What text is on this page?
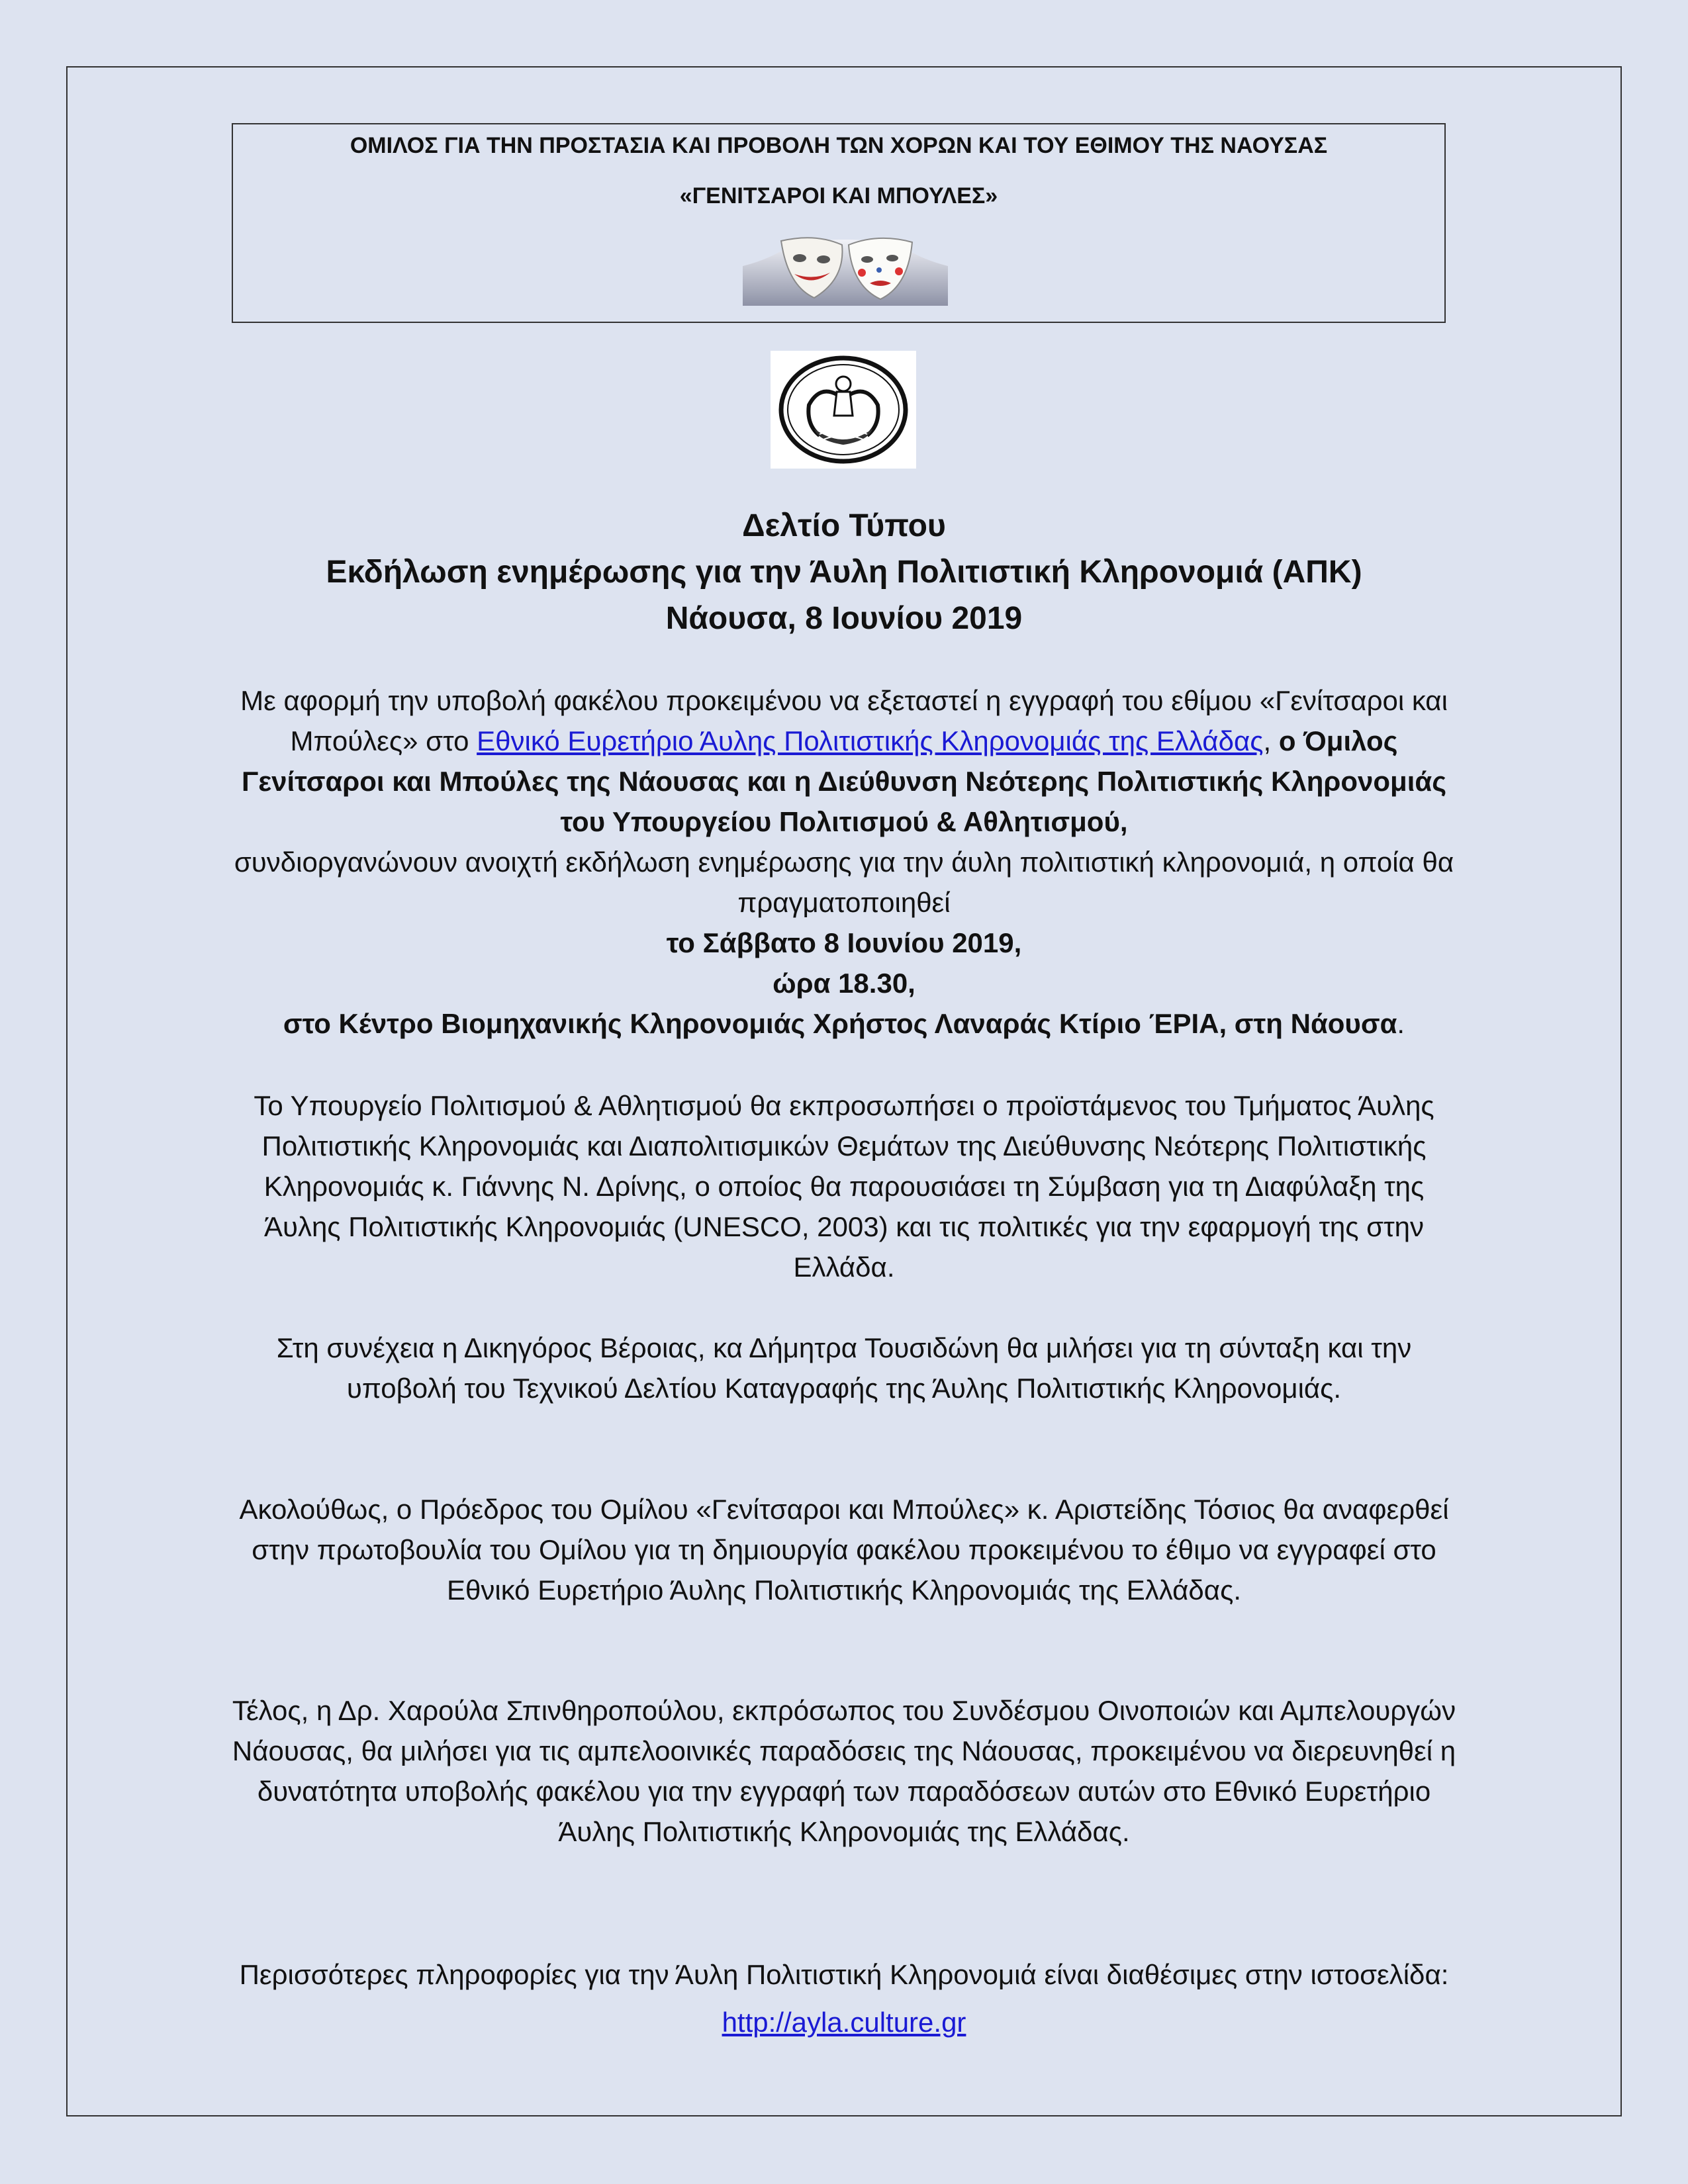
ΟΜΙΛΟΣ ΓΙΑ ΤΗΝ ΠΡΟΣΤΑΣΙΑ ΚΑΙ ΠΡΟΒΟΛΗ ΤΩΝ ΧΟΡΩΝ ΚΑΙ ΤΟΥ ΕΘΙΜΟΥ ΤΗΣ ΝΑΟΥΣΑΣ
«ΓΕΝΙΤΣΑΡΟΙ ΚΑΙ ΜΠΟΥΛΕΣ»
Δελτίο Τύπου
Εκδήλωση ενημέρωσης για την Άυλη Πολιτιστική Κληρονομιά (ΑΠΚ)
Νάουσα, 8 Ιουνίου 2019

Με αφορμή την υποβολή φακέλου προκειμένου να εξεταστεί η εγγραφή του εθίμου «Γενίτσαροι και Μπούλες» στο Εθνικό Ευρετήριο Άυλης Πολιτιστικής Κληρονομιάς της Ελλάδας, ο Όμιλος Γενίτσαροι και Μπούλες της Νάουσας και η Διεύθυνση Νεότερης Πολιτιστικής Κληρονομιάς του Υπουργείου Πολιτισμού & Αθλητισμού,
συνδιοργανώνουν ανοιχτή εκδήλωση ενημέρωσης για την άυλη πολιτιστική κληρονομιά, η οποία θα πραγματοποιηθεί
το Σάββατο 8 Ιουνίου 2019,
ώρα 18.30,
στο Κέντρο Βιομηχανικής Κληρονομιάς Χρήστος Λαναράς Κτίριο ΈΡΙΑ, στη Νάουσα.

Το Υπουργείο Πολιτισμού & Αθλητισμού θα εκπροσωπήσει ο προϊστάμενος του Τμήματος Άυλης Πολιτιστικής Κληρονομιάς και Διαπολιτισμικών Θεμάτων της Διεύθυνσης Νεότερης Πολιτιστικής Κληρονομιάς κ. Γιάννης Ν. Δρίνης, ο οποίος θα παρουσιάσει τη Σύμβαση για τη Διαφύλαξη της Άυλης Πολιτιστικής Κληρονομιάς (UNESCO, 2003) και τις πολιτικές για την εφαρμογή της στην Ελλάδα.

Στη συνέχεια η Δικηγόρος Βέροιας, κα Δήμητρα Τουσιδώνη θα μιλήσει για τη σύνταξη και την υποβολή του Τεχνικού Δελτίου Καταγραφής της Άυλης Πολιτιστικής Κληρονομιάς.

Ακολούθως, ο Πρόεδρος του Ομίλου «Γενίτσαροι και Μπούλες» κ. Αριστείδης Τόσιος θα αναφερθεί στην πρωτοβουλία του Ομίλου για τη δημιουργία φακέλου προκειμένου το έθιμο να εγγραφεί στο Εθνικό Ευρετήριο Άυλης Πολιτιστικής Κληρονομιάς της Ελλάδας.

Τέλος, η Δρ. Χαρούλα Σπινθηροπούλου, εκπρόσωπος του Συνδέσμου Οινοποιών και Αμπελουργών Νάουσας, θα μιλήσει για τις αμπελοοινικές παραδόσεις της Νάουσας, προκειμένου να διερευνηθεί η δυνατότητα υποβολής φακέλου για την εγγραφή των παραδόσεων αυτών στο Εθνικό Ευρετήριο Άυλης Πολιτιστικής Κληρονομιάς της Ελλάδας.

Περισσότερες πληροφορίες για την Άυλη Πολιτιστική Κληρονομιά είναι διαθέσιμες στην ιστοσελίδα: http://ayla.culture.gr
